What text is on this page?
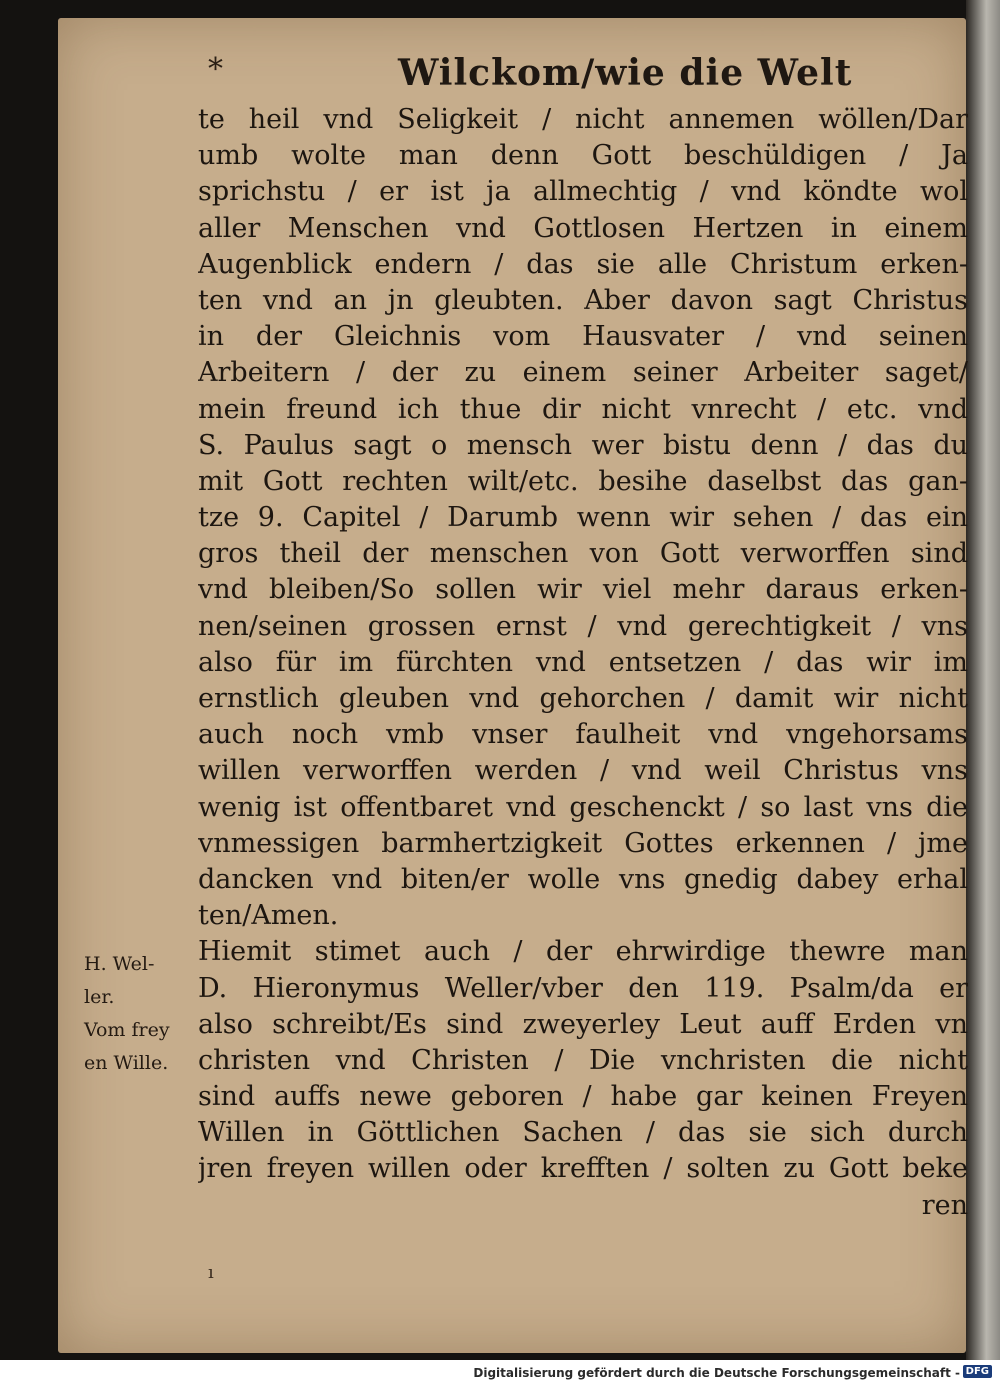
*	Wilckom/wie die Welt
te heil vnd Seligkeit / nicht annemen wöllen/Dar
umb wolte man denn Gott beschüldigen / Ja
sprichstu / er ist ja allmechtig / vnd köndte wol
aller Menschen vnd Gottlosen Hertzen in einem
Augenblick endern / das sie alle Christum erken-
ten vnd an jn gleubten. Aber davon sagt Christus
in der Gleichnis vom Hausvater / vnd seinen
Arbeitern / der zu einem seiner Arbeiter saget/
mein freund ich thue dir nicht vnrecht / etc. vnd
S. Paulus sagt o mensch wer bistu denn / das du
mit Gott rechten wilt/etc. besihe daselbst das gan-
tze 9. Capitel / Darumb wenn wir sehen / das ein
gros theil der menschen von Gott verworffen sind
vnd bleiben/So sollen wir viel mehr daraus erken-
nen/seinen grossen ernst / vnd gerechtigkeit / vns
also für im fürchten vnd entsetzen / das wir im
ernstlich gleuben vnd gehorchen / damit wir nicht
auch noch vmb vnser faulheit vnd vngehorsams
willen verworffen werden / vnd weil Christus vns
wenig ist offentbaret vnd geschenckt / so last vns die
vnmessigen barmhertzigkeit Gottes erkennen / jme
dancken vnd biten/er wolle vns gnedig dabey erhal
ten/Amen.
Hiemit stimet auch / der ehrwirdige thewre man
D. Hieronymus Weller/vber den 119. Psalm/da er
also schreibt/Es sind zweyerley Leut auff Erden vn
christen vnd Christen / Die vnchristen die nicht
sind auffs newe geboren / habe gar keinen Freyen
Willen in Göttlichen Sachen / das sie sich durch
jren freyen willen oder krefften / solten zu Gott beke
ren
H. Wel-
ler.
Vom frey
en Wille.
ı
Digitalisierung gefördert durch die Deutsche Forschungsgemeinschaft - DFG
